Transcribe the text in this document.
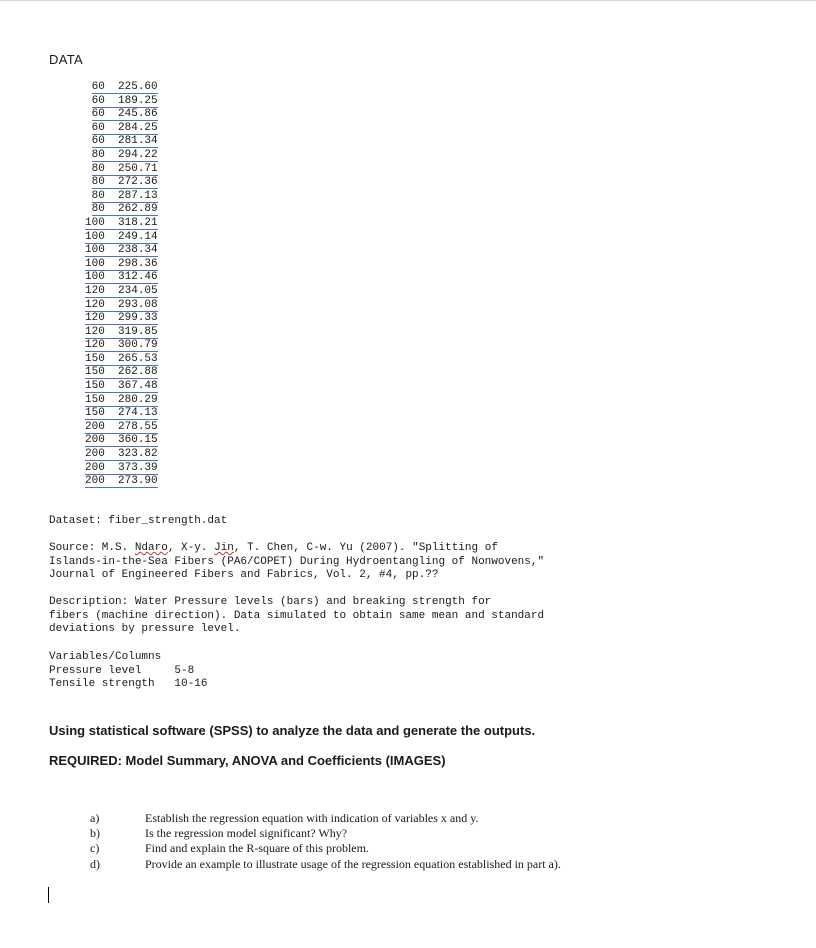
DATA
60 225.60
60 189.25
60 245.86
60 284.25
60 281.34
80 294.22
80 250.71
80 272.36
80 287.13
80 262.89
100 318.21
100 249.14
100 238.34
100 298.36
100 312.46
120 234.05
120 293.08
120 299.33
120 319.85
120 300.79
150 265.53
150 262.88
150 367.48
150 280.29
150 274.13
200 278.55
200 360.15
200 323.82
200 373.39
200 273.90
Dataset: fiber_strength.dat
Source: M.S. Ndaro, X-y. Jin, T. Chen, C-w. Yu (2007). "Splitting of
Islands-in-the-Sea Fibers (PA6/COPET) During Hydroentangling of Nonwovens,"
Journal of Engineered Fibers and Fabrics, Vol. 2, #4, pp.??
Description: Water Pressure levels (bars) and breaking strength for
fibers (machine direction). Data simulated to obtain same mean and standard
deviations by pressure level.
Variables/Columns
Pressure level     5-8
Tensile strength   10-16
Using statistical software (SPSS) to analyze the data and generate the outputs.
REQUIRED: Model Summary, ANOVA and Coefficients (IMAGES)
a)	Establish the regression equation with indication of variables x and y.
b)	Is the regression model significant? Why?
c)	Find and explain the R-square of this problem.
d)	Provide an example to illustrate usage of the regression equation established in part a).
